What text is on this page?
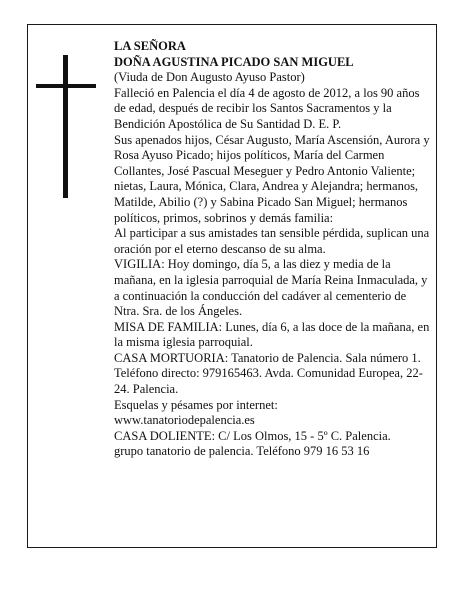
LA SEÑORA

DOÑA AGUSTINA PICADO SAN MIGUEL

(Viuda de Don Augusto Ayuso Pastor)

Falleció en Palencia el día 4 de agosto de 2012, a los 90 años de edad, después de recibir los Santos Sacramentos y la Bendición Apostólica de Su Santidad D. E. P.

Sus apenados hijos, César Augusto, María Ascensión, Aurora y Rosa Ayuso Picado; hijos políticos, María del Carmen Collantes, José Pascual Meseguer y Pedro Antonio Valiente; nietas, Laura, Mónica, Clara, Andrea y Alejandra; hermanos, Matilde, Abilio (?) y Sabina Picado San Miguel; hermanos políticos, primos, sobrinos y demás familia:

Al participar a sus amistades tan sensible pérdida, suplican una oración por el eterno descanso de su alma.

VIGILIA: Hoy domingo, día 5, a las diez y media de la mañana, en la iglesia parroquial de María Reina Inmaculada, y a continuación la conducción del cadáver al cementerio de Ntra. Sra. de los Ángeles.

MISA DE FAMILIA: Lunes, día 6, a las doce de la mañana, en la misma iglesia parroquial.

CASA MORTUORIA: Tanatorio de Palencia. Sala número 1. Teléfono directo: 979165463. Avda. Comunidad Europea, 22-24. Palencia.

Esquelas y pésames por internet:

www.tanatoriodepalencia.es

CASA DOLIENTE: C/ Los Olmos, 15 - 5º C. Palencia.

grupo tanatorio de palencia. Teléfono 979 16 53 16
